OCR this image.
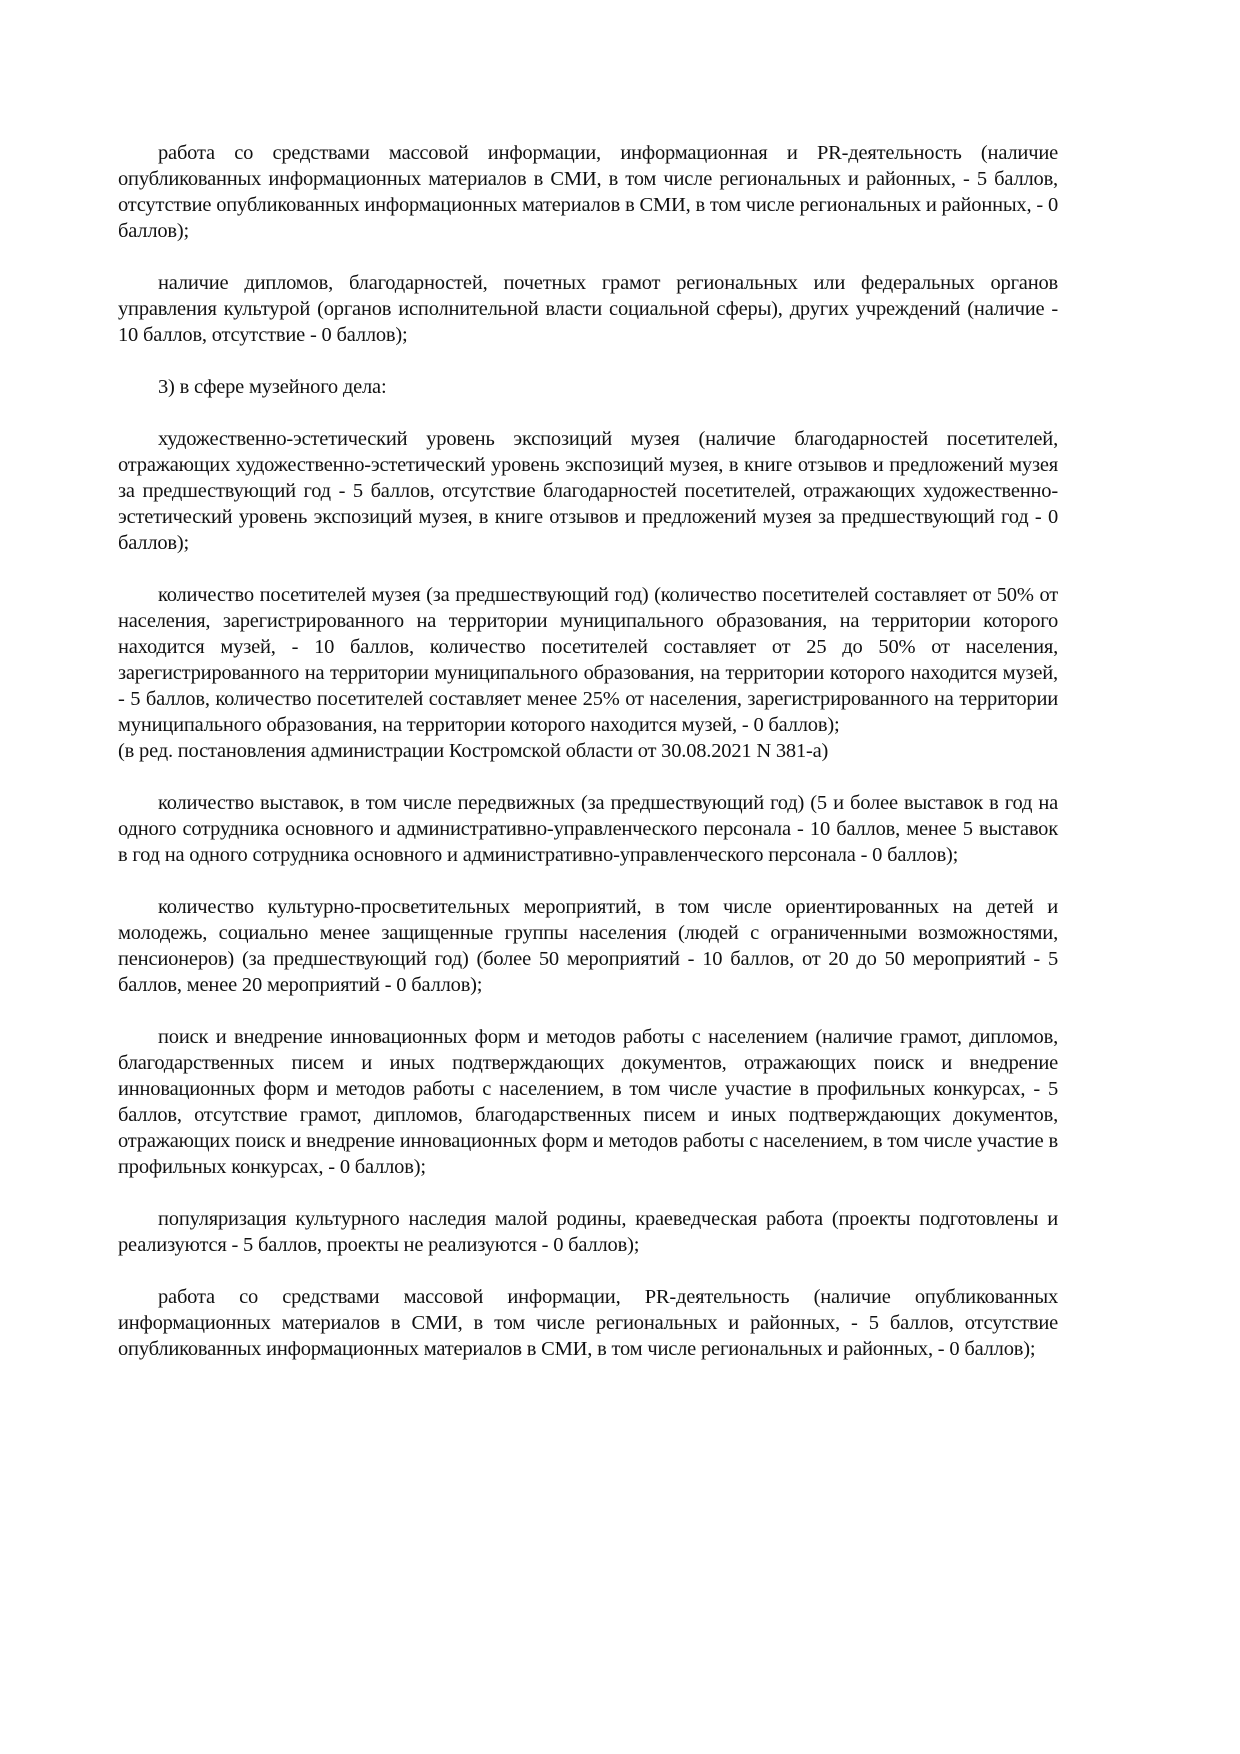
работа со средствами массовой информации, информационная и PR-деятельность (наличие опубликованных информационных материалов в СМИ, в том числе региональных и районных, - 5 баллов, отсутствие опубликованных информационных материалов в СМИ, в том числе региональных и районных, - 0 баллов);

наличие дипломов, благодарностей, почетных грамот региональных или федеральных органов управления культурой (органов исполнительной власти социальной сферы), других учреждений (наличие - 10 баллов, отсутствие - 0 баллов);

3) в сфере музейного дела:

художественно-эстетический уровень экспозиций музея (наличие благодарностей посетителей, отражающих художественно-эстетический уровень экспозиций музея, в книге отзывов и предложений музея за предшествующий год - 5 баллов, отсутствие благодарностей посетителей, отражающих художественно-эстетический уровень экспозиций музея, в книге отзывов и предложений музея за предшествующий год - 0 баллов);

количество посетителей музея (за предшествующий год) (количество посетителей составляет от 50% от населения, зарегистрированного на территории муниципального образования, на территории которого находится музей, - 10 баллов, количество посетителей составляет от 25 до 50% от населения, зарегистрированного на территории муниципального образования, на территории которого находится музей, - 5 баллов, количество посетителей составляет менее 25% от населения, зарегистрированного на территории муниципального образования, на территории которого находится музей, - 0 баллов);

(в ред. постановления администрации Костромской области от 30.08.2021 N 381-а)

количество выставок, в том числе передвижных (за предшествующий год) (5 и более выставок в год на одного сотрудника основного и административно-управленческого персонала - 10 баллов, менее 5 выставок в год на одного сотрудника основного и административно-управленческого персонала - 0 баллов);

количество культурно-просветительных мероприятий, в том числе ориентированных на детей и молодежь, социально менее защищенные группы населения (людей с ограниченными возможностями, пенсионеров) (за предшествующий год) (более 50 мероприятий - 10 баллов, от 20 до 50 мероприятий - 5 баллов, менее 20 мероприятий - 0 баллов);

поиск и внедрение инновационных форм и методов работы с населением (наличие грамот, дипломов, благодарственных писем и иных подтверждающих документов, отражающих поиск и внедрение инновационных форм и методов работы с населением, в том числе участие в профильных конкурсах, - 5 баллов, отсутствие грамот, дипломов, благодарственных писем и иных подтверждающих документов, отражающих поиск и внедрение инновационных форм и методов работы с населением, в том числе участие в профильных конкурсах, - 0 баллов);

популяризация культурного наследия малой родины, краеведческая работа (проекты подготовлены и реализуются - 5 баллов, проекты не реализуются - 0 баллов);

работа со средствами массовой информации, PR-деятельность (наличие опубликованных информационных материалов в СМИ, в том числе региональных и районных, - 5 баллов, отсутствие опубликованных информационных материалов в СМИ, в том числе региональных и районных, - 0 баллов);
